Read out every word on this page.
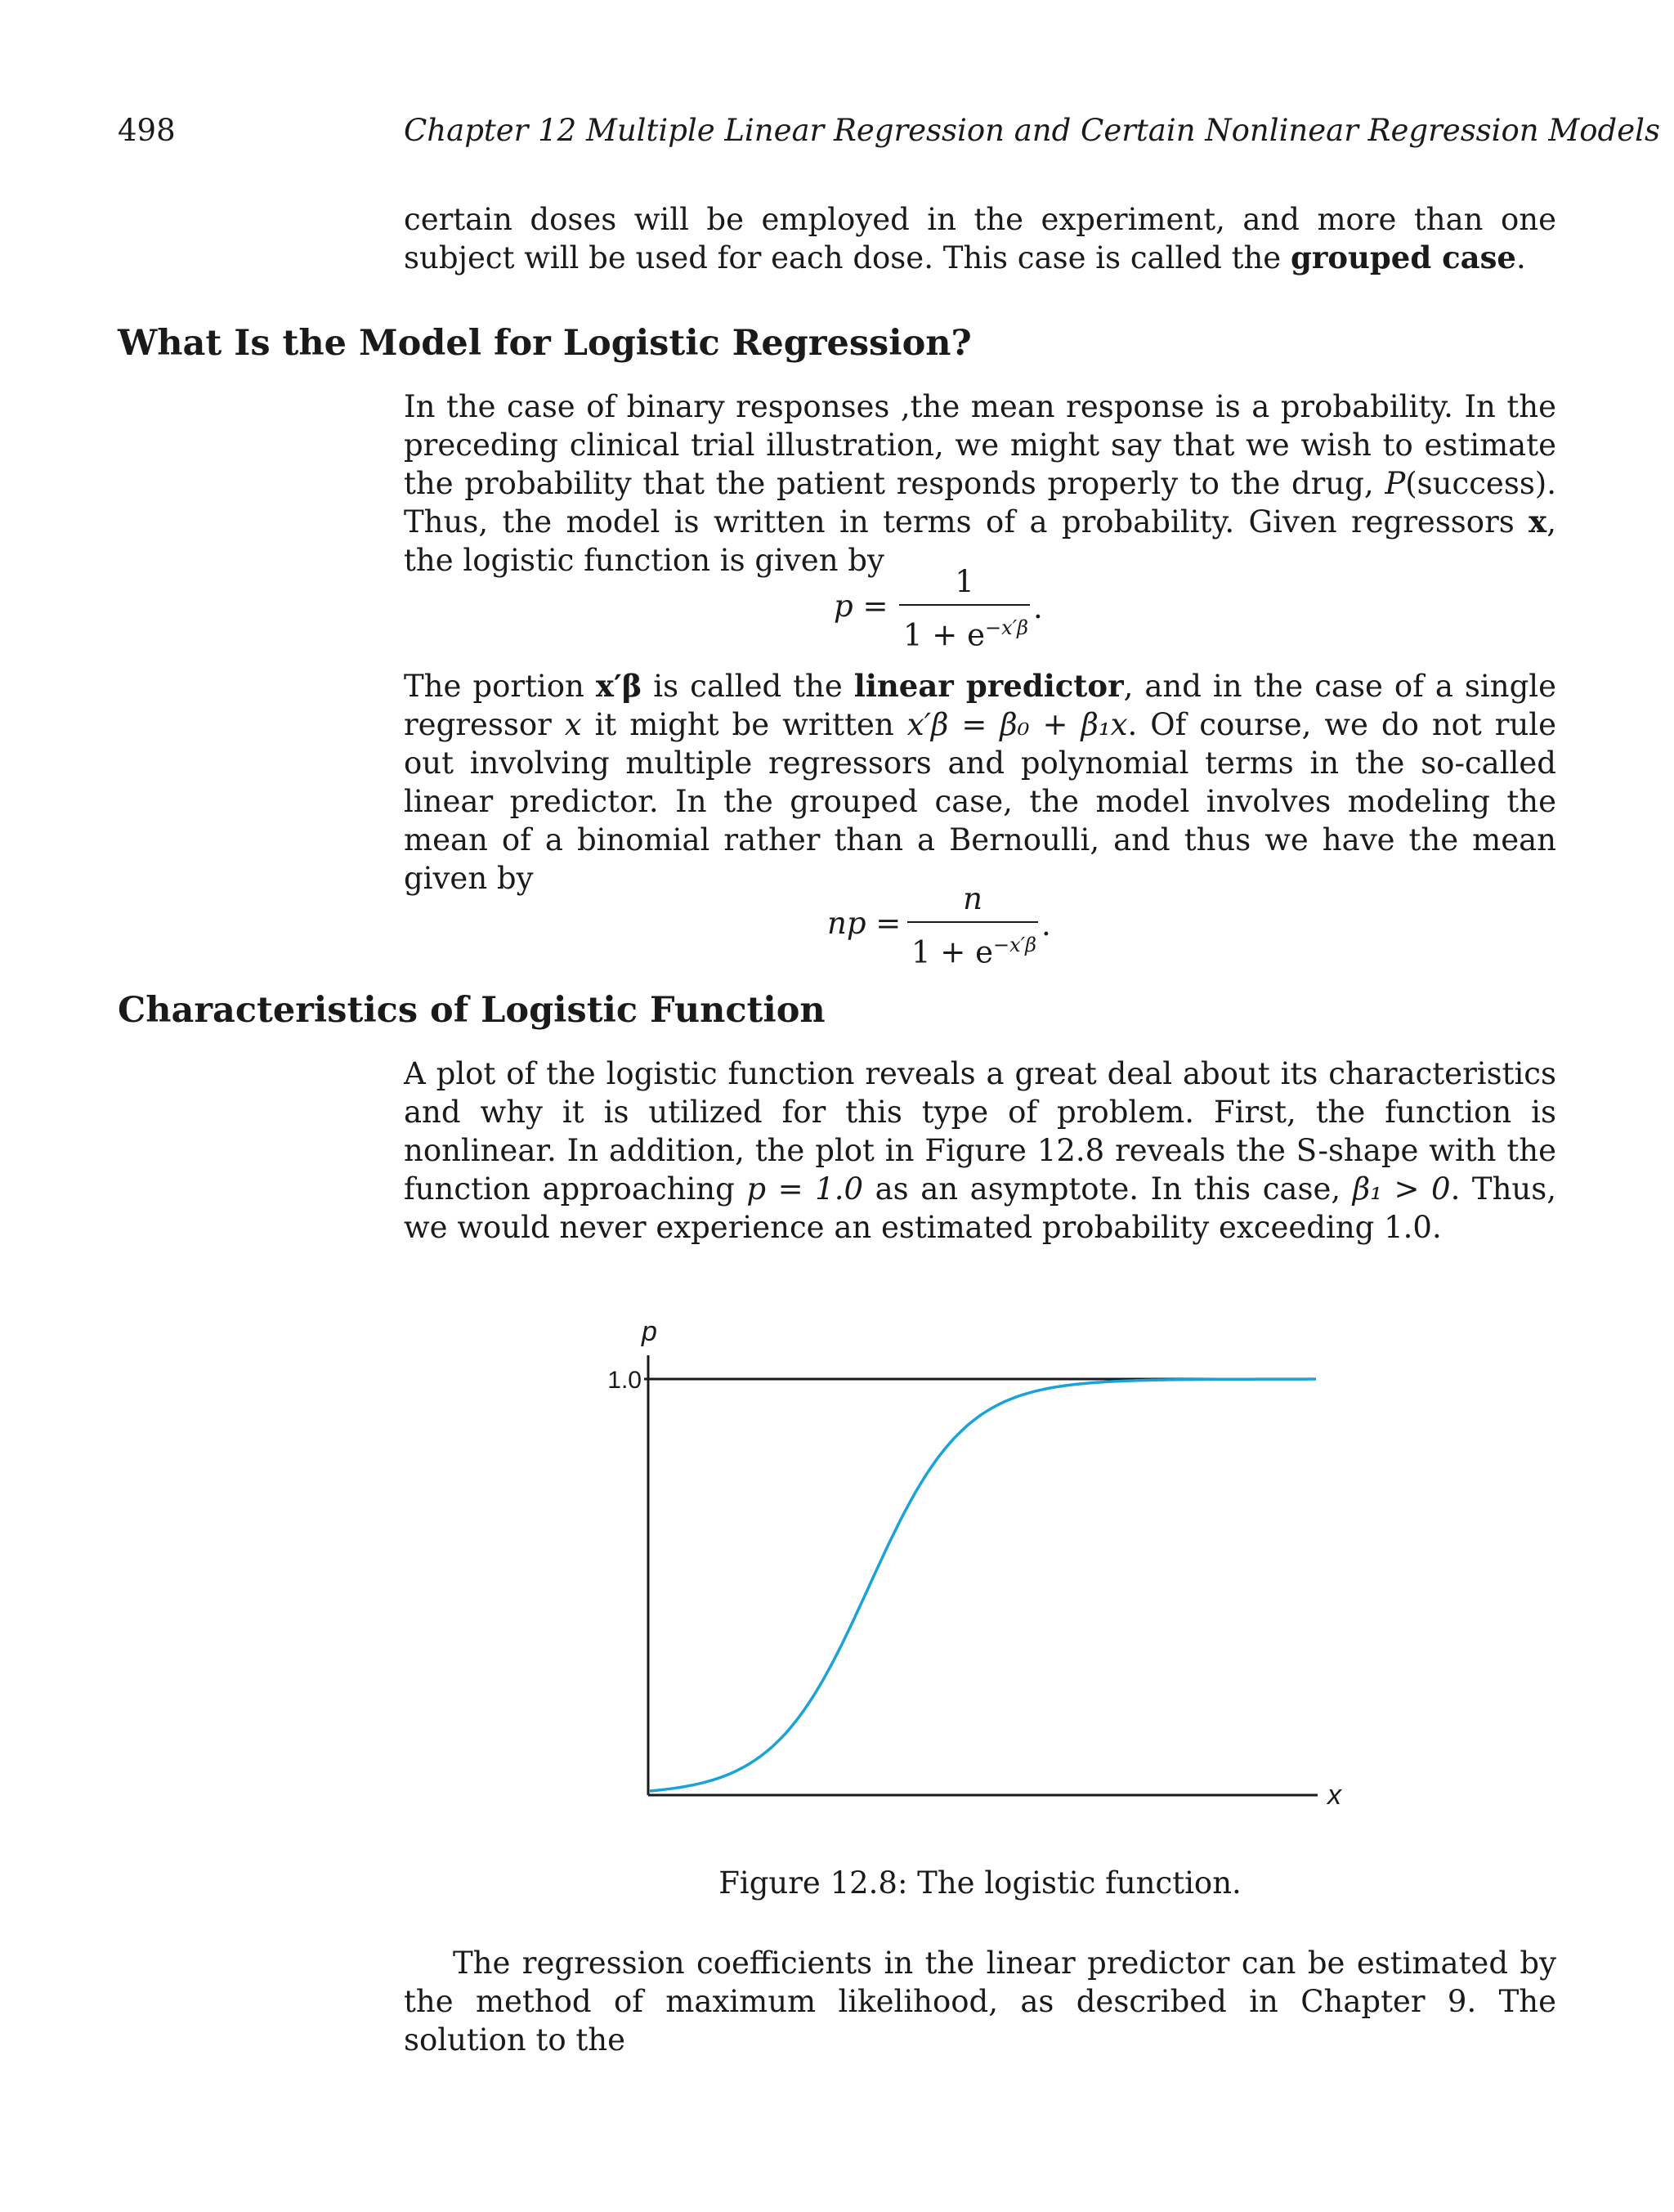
498	Chapter 12 Multiple Linear Regression and Certain Nonlinear Regression Models
certain doses will be employed in the experiment, and more than one subject will be used for each dose. This case is called the grouped case.
What Is the Model for Logistic Regression?
In the case of binary responses ,the mean response is a probability. In the preceding clinical trial illustration, we might say that we wish to estimate the probability that the patient responds properly to the drug, P(success). Thus, the model is written in terms of a probability. Given regressors x, the logistic function is given by
p =
1
$1 + e^{-x'\beta}$
.
The portion x′β is called the linear predictor, and in the case of a single regressor x it might be written x′β = β₀ + β₁x. Of course, we do not rule out involving multiple regressors and polynomial terms in the so-called linear predictor. In the grouped case, the model involves modeling the mean of a binomial rather than a Bernoulli, and thus we have the mean given by
np =
n
$1 + e^{-x'\beta}$
.
Characteristics of Logistic Function
A plot of the logistic function reveals a great deal about its characteristics and why it is utilized for this type of problem. First, the function is nonlinear. In addition, the plot in Figure 12.8 reveals the S-shape with the function approaching p = 1.0 as an asymptote. In this case, β₁ > 0. Thus, we would never experience an estimated probability exceeding 1.0.
p
1.0
x
Figure 12.8: The logistic function.
The regression coefficients in the linear predictor can be estimated by the method of maximum likelihood, as described in Chapter 9. The solution to the
